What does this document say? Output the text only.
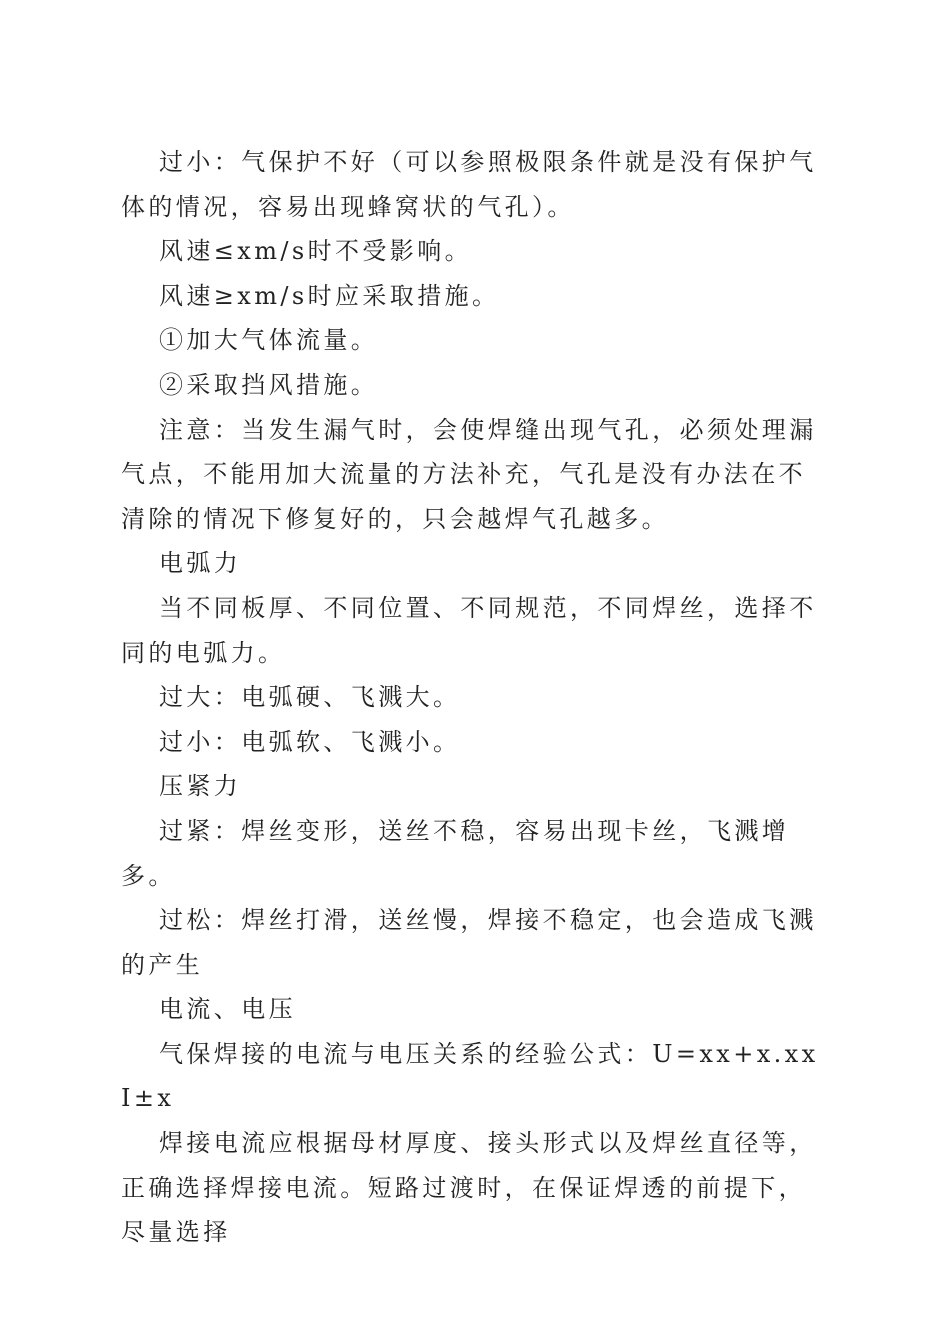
过小：气保护不好（可以参照极限条件就是没有保护气体的情况，容易出现蜂窝状的气孔）。

风速≤xm/s时不受影响。

风速≥xm/s时应采取措施。

①加大气体流量。

②采取挡风措施。

注意：当发生漏气时，会使焊缝出现气孔，必须处理漏气点，不能用加大流量的方法补充，气孔是没有办法在不清除的情况下修复好的，只会越焊气孔越多。

电弧力

当不同板厚、不同位置、不同规范，不同焊丝，选择不同的电弧力。

过大：电弧硬、飞溅大。

过小：电弧软、飞溅小。

压紧力

过紧：焊丝变形，送丝不稳，容易出现卡丝，飞溅增多。

过松：焊丝打滑，送丝慢，焊接不稳定，也会造成飞溅的产生

电流、电压

气保焊接的电流与电压关系的经验公式：U=xx+x.xxI±x

焊接电流应根据母材厚度、接头形式以及焊丝直径等，正确选择焊接电流。短路过渡时，在保证焊透的前提下，尽量选择
